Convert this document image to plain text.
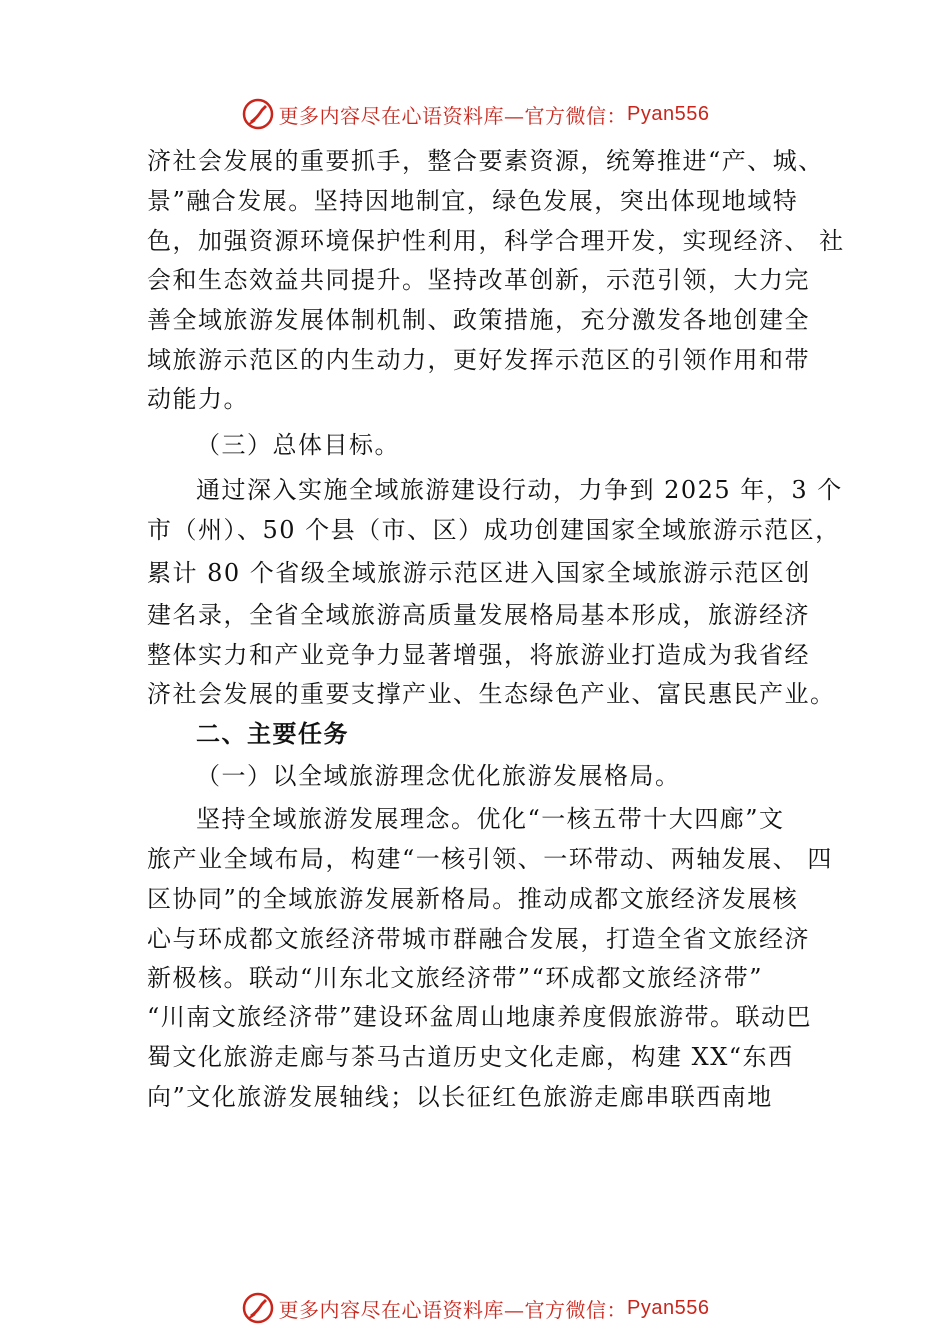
更多内容尽在心语资料库—官方微信： Pyan556
济社会发展的重要抓手，整合要素资源，统筹推进“产、城、
景”融合发展。坚持因地制宜，绿色发展，突出体现地域特
色，加强资源环境保护性利用，科学合理开发，实现经济、 社
会和生态效益共同提升。坚持改革创新，示范引领，大力完
善全域旅游发展体制机制、政策措施，充分激发各地创建全
域旅游示范区的内生动力，更好发挥示范区的引领作用和带
动能力。
（三）总体目标。
通过深入实施全域旅游建设行动，力争到 2025 年，3 个
市（州）、50 个县（市、区）成功创建国家全域旅游示范区，
累计 80 个省级全域旅游示范区进入国家全域旅游示范区创
建名录，全省全域旅游高质量发展格局基本形成，旅游经济
整体实力和产业竞争力显著增强，将旅游业打造成为我省经
济社会发展的重要支撑产业、生态绿色产业、富民惠民产业。
二、主要任务
（一）以全域旅游理念优化旅游发展格局。
坚持全域旅游发展理念。优化“一核五带十大四廊”文
旅产业全域布局，构建“一核引领、一环带动、两轴发展、 四
区协同”的全域旅游发展新格局。推动成都文旅经济发展核
心与环成都文旅经济带城市群融合发展，打造全省文旅经济
新极核。联动“川东北文旅经济带”“环成都文旅经济带”
“川南文旅经济带”建设环盆周山地康养度假旅游带。联动巴
蜀文化旅游走廊与茶马古道历史文化走廊，构建 XX“东西
向”文化旅游发展轴线；以长征红色旅游走廊串联西南地
更多内容尽在心语资料库—官方微信： Pyan556
